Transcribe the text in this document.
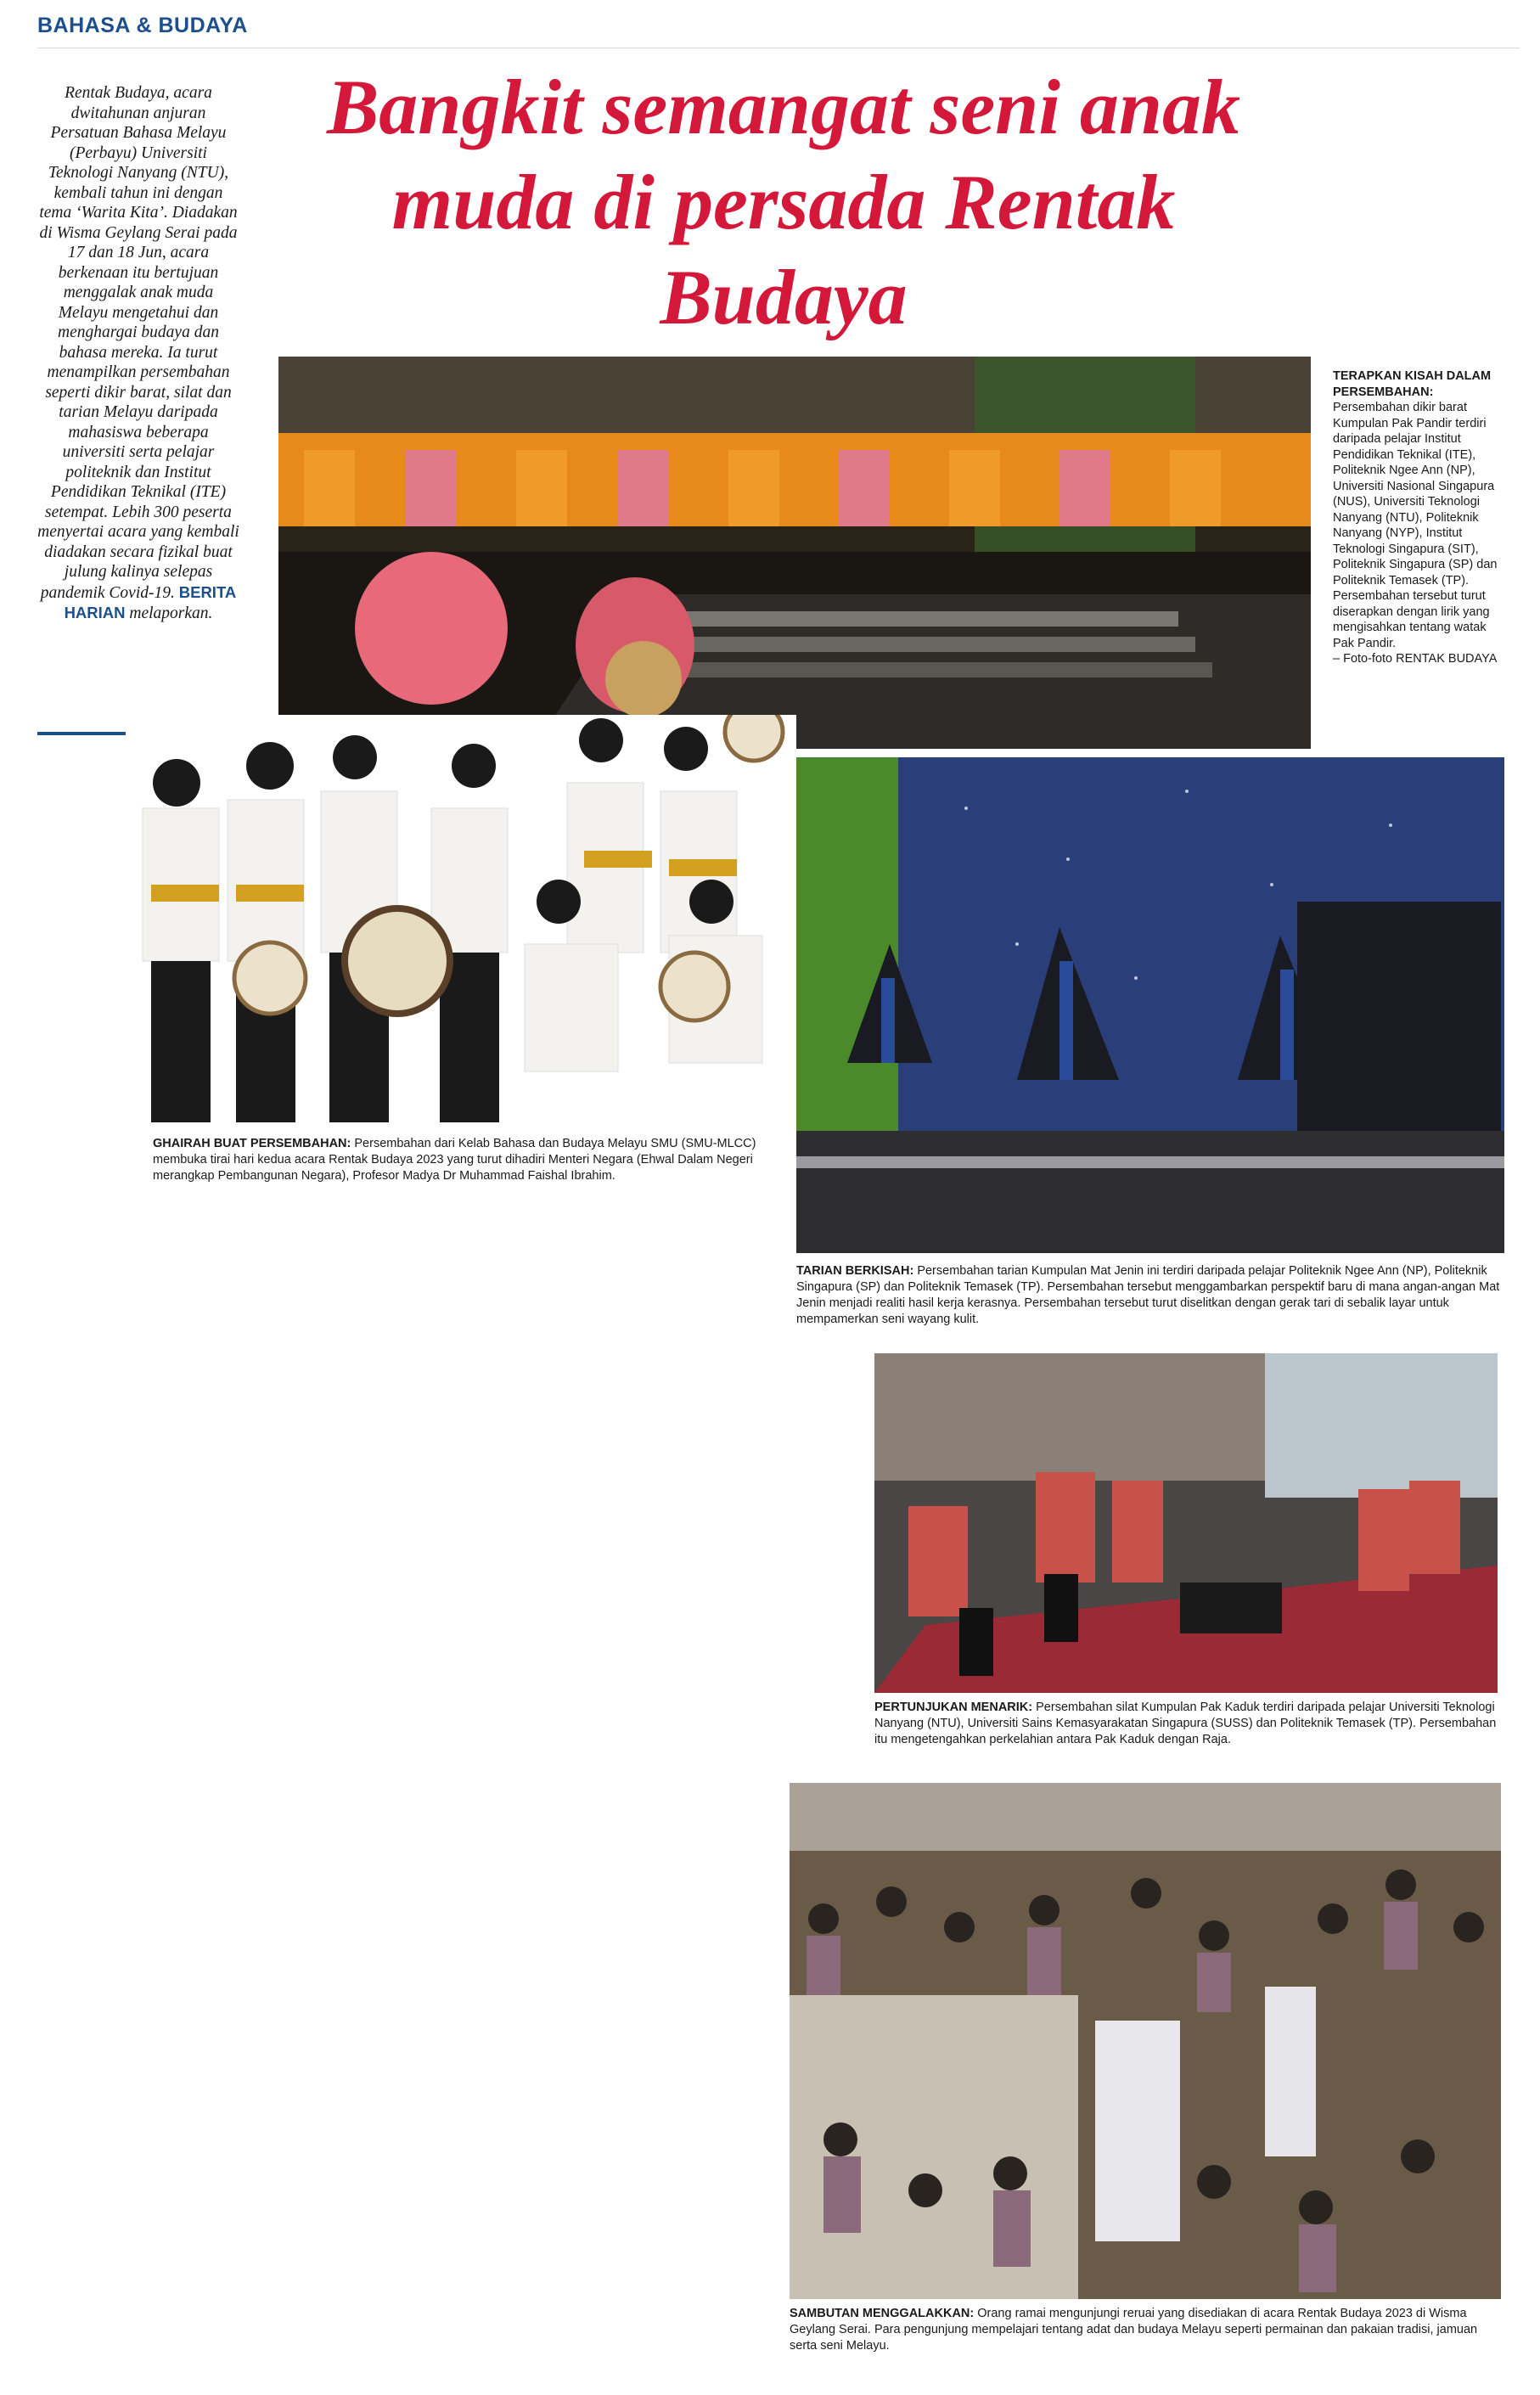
BAHASA & BUDAYA
Bangkit semangat seni anak muda di persada Rentak Budaya
Rentak Budaya, acara dwitahunan anjuran Persatuan Bahasa Melayu (Perbayu) Universiti Teknologi Nanyang (NTU), kembali tahun ini dengan tema ‘Warita Kita’. Diadakan di Wisma Geylang Serai pada 17 dan 18 Jun, acara berkenaan itu bertujuan menggalak anak muda Melayu mengetahui dan menghargai budaya dan bahasa mereka. Ia turut menampilkan persembahan seperti dikir barat, silat dan tarian Melayu daripada mahasiswa beberapa universiti serta pelajar politeknik dan Institut Pendidikan Teknikal (ITE) setempat. Lebih 300 peserta menyertai acara yang kembali diadakan secara fizikal buat julung kalinya selepas pandemik Covid-19. BERITA HARIAN melaporkan.
TERAPKAN KISAH DALAM PERSEMBAHAN:
Persembahan dikir barat Kumpulan Pak Pandir terdiri daripada pelajar Institut Pendidikan Teknikal (ITE), Politeknik Ngee Ann (NP), Universiti Nasional Singapura (NUS), Universiti Teknologi Nanyang (NTU), Politeknik Nanyang (NYP), Institut Teknologi Singapura (SIT), Politeknik Singapura (SP) dan Politeknik Temasek (TP). Persembahan tersebut turut diserapkan dengan lirik yang mengisahkan tentang watak Pak Pandir.
– Foto-foto RENTAK BUDAYA
GHAIRAH BUAT PERSEMBAHAN: Persembahan dari Kelab Bahasa dan Budaya Melayu SMU (SMU-MLCC) membuka tirai hari kedua acara Rentak Budaya 2023 yang turut dihadiri Menteri Negara (Ehwal Dalam Negeri merangkap Pembangunan Negara), Profesor Madya Dr Muhammad Faishal Ibrahim.
TARIAN BERKISAH: Persembahan tarian Kumpulan Mat Jenin ini terdiri daripada pelajar Politeknik Ngee Ann (NP), Politeknik Singapura (SP) dan Politeknik Temasek (TP). Persembahan tersebut menggambarkan perspektif baru di mana angan-angan Mat Jenin menjadi realiti hasil kerja kerasnya. Persembahan tersebut turut diselitkan dengan gerak tari di sebalik layar untuk mempamerkan seni wayang kulit.
PERTUNJUKAN MENARIK: Persembahan silat Kumpulan Pak Kaduk terdiri daripada pelajar Universiti Teknologi Nanyang (NTU), Universiti Sains Kemasyarakatan Singapura (SUSS) dan Politeknik Temasek (TP). Persembahan itu mengetengahkan perkelahian antara Pak Kaduk dengan Raja.
SAMBUTAN MENGGALAKKAN: Orang ramai mengunjungi reruai yang disediakan di acara Rentak Budaya 2023 di Wisma Geylang Serai. Para pengunjung mempelajari tentang adat dan budaya Melayu seperti permainan dan pakaian tradisi, jamuan serta seni Melayu.
